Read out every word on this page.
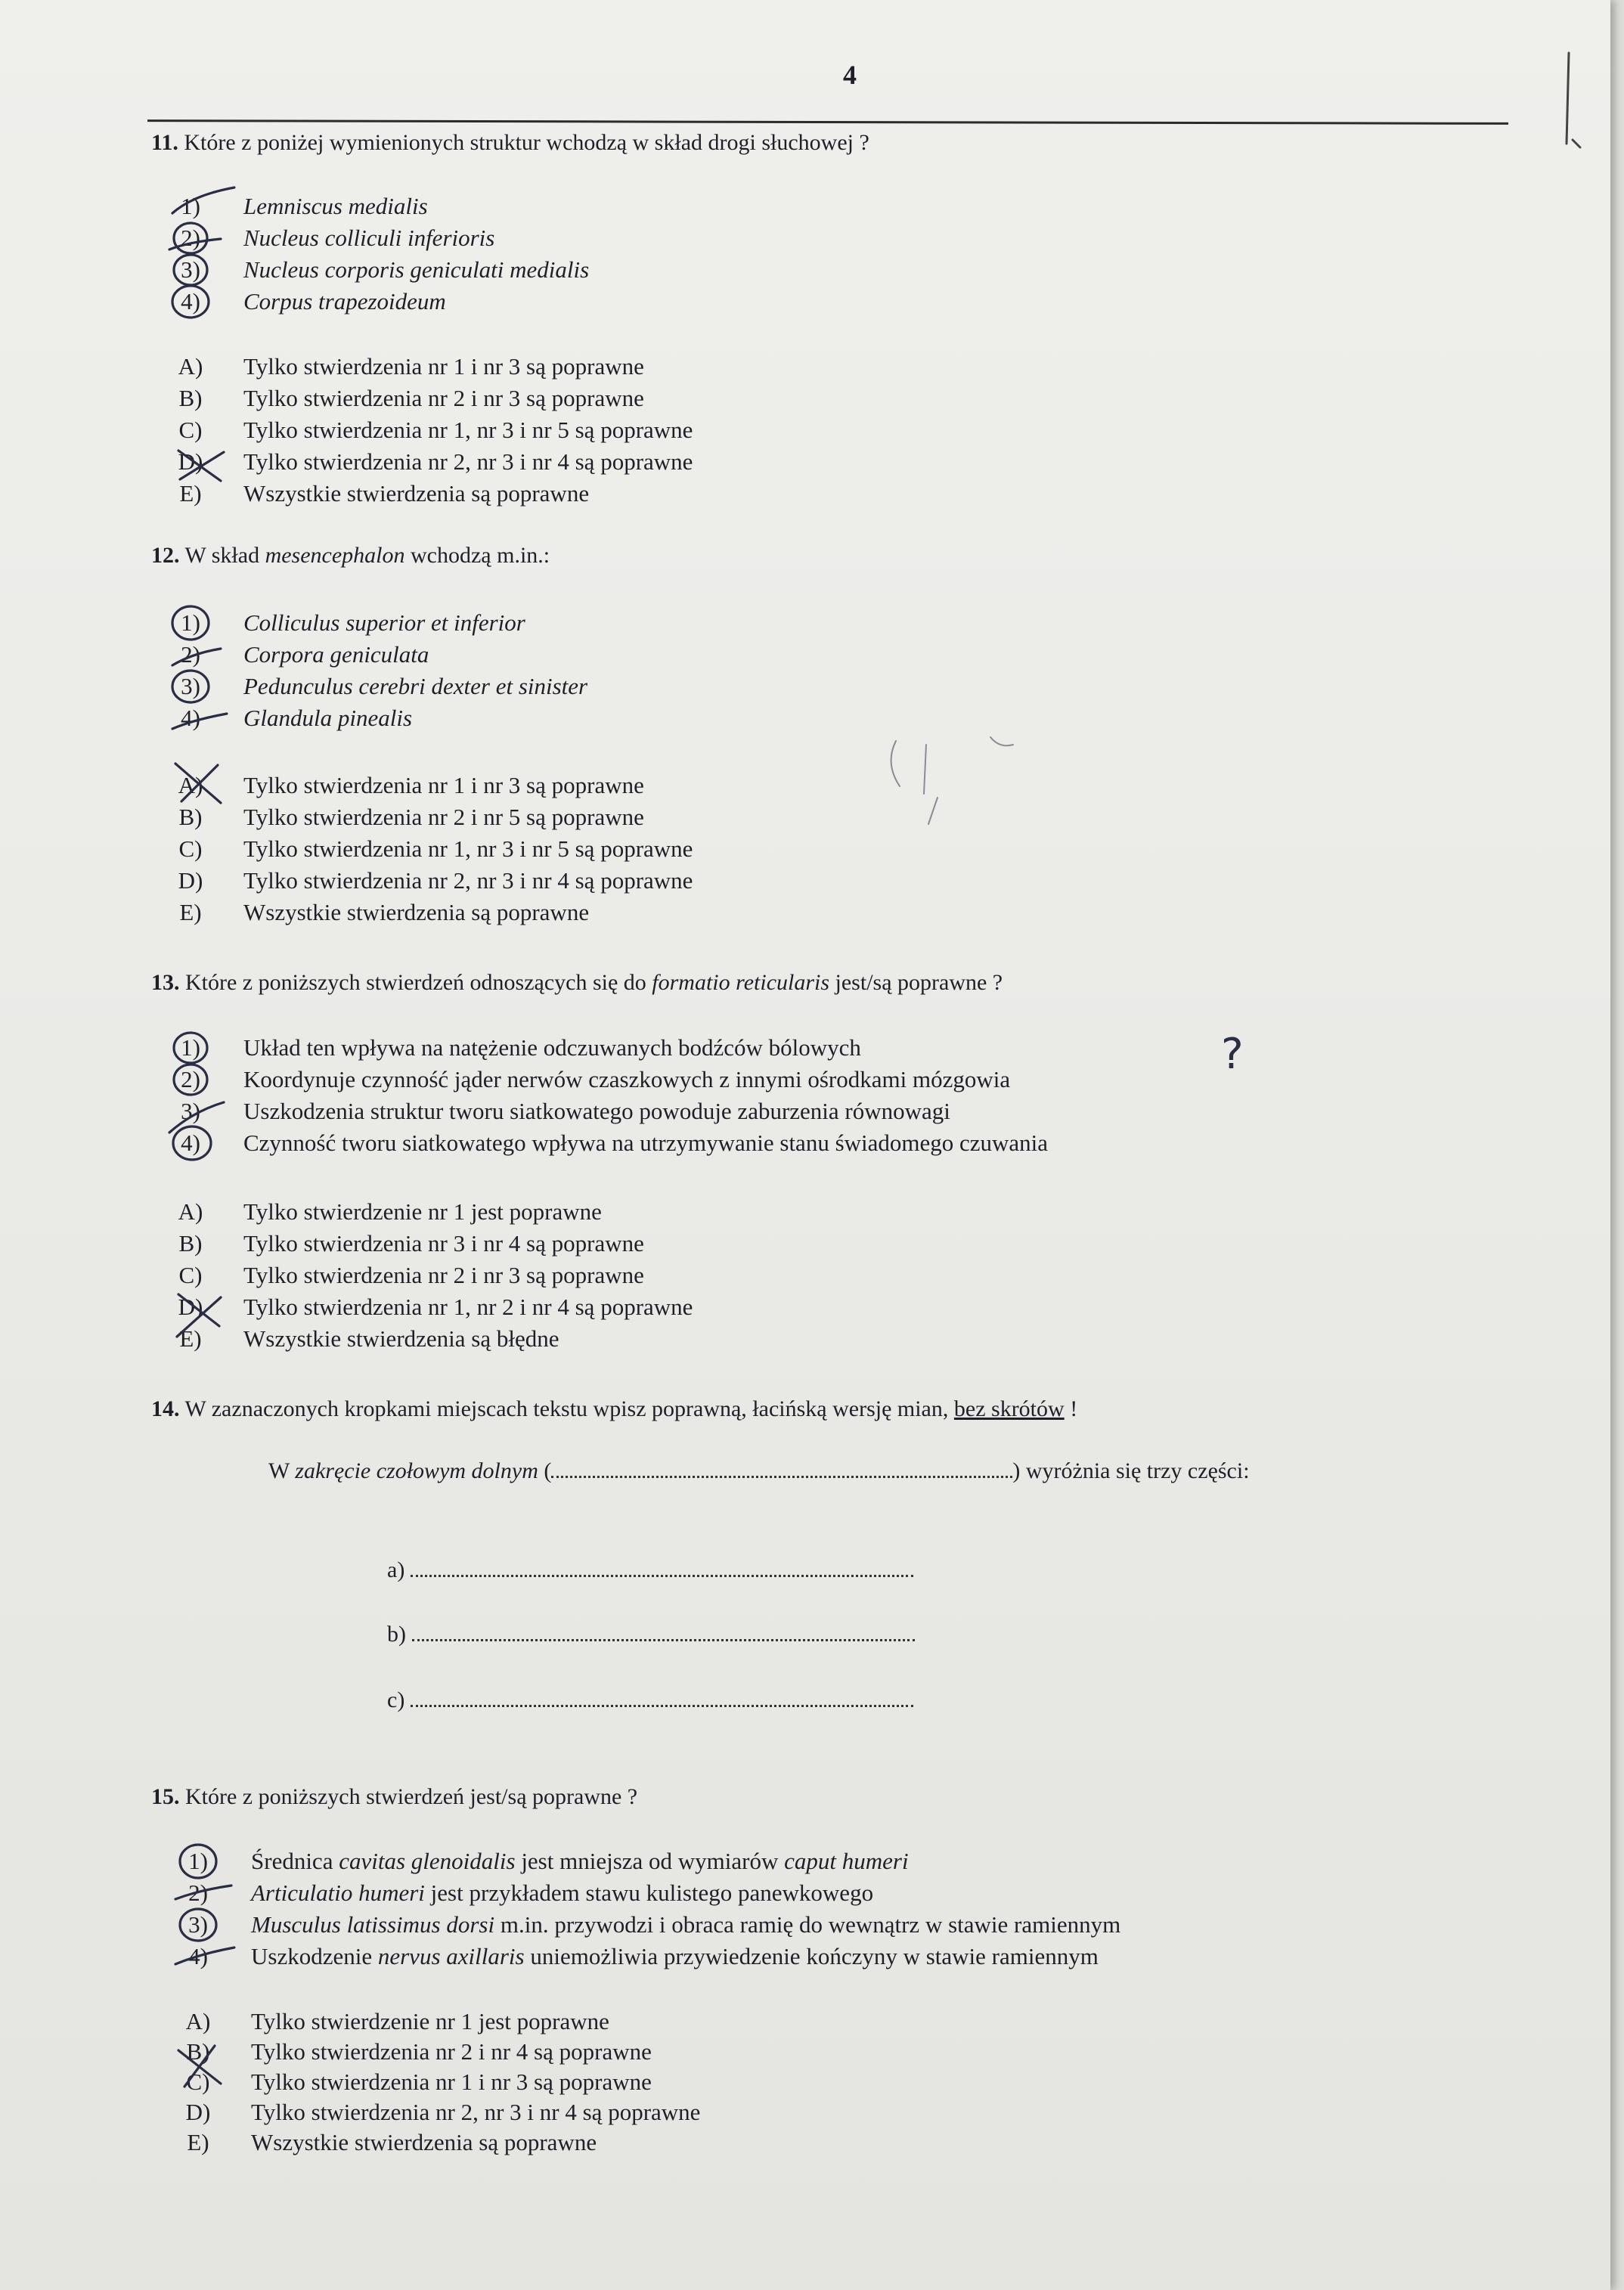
4
11. Które z poniżej wymienionych struktur wchodzą w skład drogi słuchowej ?
1)	Lemniscus medialis
2)	Nucleus colliculi inferioris
3)	Nucleus corporis geniculati medialis
4)	Corpus trapezoideum
A)	Tylko stwierdzenia nr 1 i nr 3 są poprawne
B)	Tylko stwierdzenia nr 2 i nr 3 są poprawne
C)	Tylko stwierdzenia nr 1, nr 3 i nr 5 są poprawne
D)	Tylko stwierdzenia nr 2, nr 3 i nr 4 są poprawne
E)	Wszystkie stwierdzenia są poprawne
12. W skład mesencephalon wchodzą m.in.:
1)	Colliculus superior et inferior
2)	Corpora geniculata
3)	Pedunculus cerebri dexter et sinister
4)	Glandula pinealis
A)	Tylko stwierdzenia nr 1 i nr 3 są poprawne
B)	Tylko stwierdzenia nr 2 i nr 5 są poprawne
C)	Tylko stwierdzenia nr 1, nr 3 i nr 5 są poprawne
D)	Tylko stwierdzenia nr 2, nr 3 i nr 4 są poprawne
E)	Wszystkie stwierdzenia są poprawne
13. Które z poniższych stwierdzeń odnoszących się do formatio reticularis jest/są poprawne ?
1)	Układ ten wpływa na natężenie odczuwanych bodźców bólowych
2)	Koordynuje czynność jąder nerwów czaszkowych z innymi ośrodkami mózgowia
3)	Uszkodzenia struktur tworu siatkowatego powoduje zaburzenia równowagi
4)	Czynność tworu siatkowatego wpływa na utrzymywanie stanu świadomego czuwania
?
A)	Tylko stwierdzenie nr 1 jest poprawne
B)	Tylko stwierdzenia nr 3 i nr 4 są poprawne
C)	Tylko stwierdzenia nr 2 i nr 3 są poprawne
D)	Tylko stwierdzenia nr 1, nr 2 i nr 4 są poprawne
E)	Wszystkie stwierdzenia są błędne
14. W zaznaczonych kropkami miejscach tekstu wpisz poprawną, łacińską wersję mian, bez skrótów !
W zakręcie czołowym dolnym (	) wyróżnia się trzy części:
a)
b)
c)
15. Które z poniższych stwierdzeń jest/są poprawne ?
1)	Średnica cavitas glenoidalis jest mniejsza od wymiarów caput humeri
2)	Articulatio humeri jest przykładem stawu kulistego panewkowego
3)	Musculus latissimus dorsi m.in. przywodzi i obraca ramię do wewnątrz w stawie ramiennym
4)	Uszkodzenie nervus axillaris uniemożliwia przywiedzenie kończyny w stawie ramiennym
A)	Tylko stwierdzenie nr 1 jest poprawne
B)	Tylko stwierdzenia nr 2 i nr 4 są poprawne
C)	Tylko stwierdzenia nr 1 i nr 3 są poprawne
D)	Tylko stwierdzenia nr 2, nr 3 i nr 4 są poprawne
E)	Wszystkie stwierdzenia są poprawne
